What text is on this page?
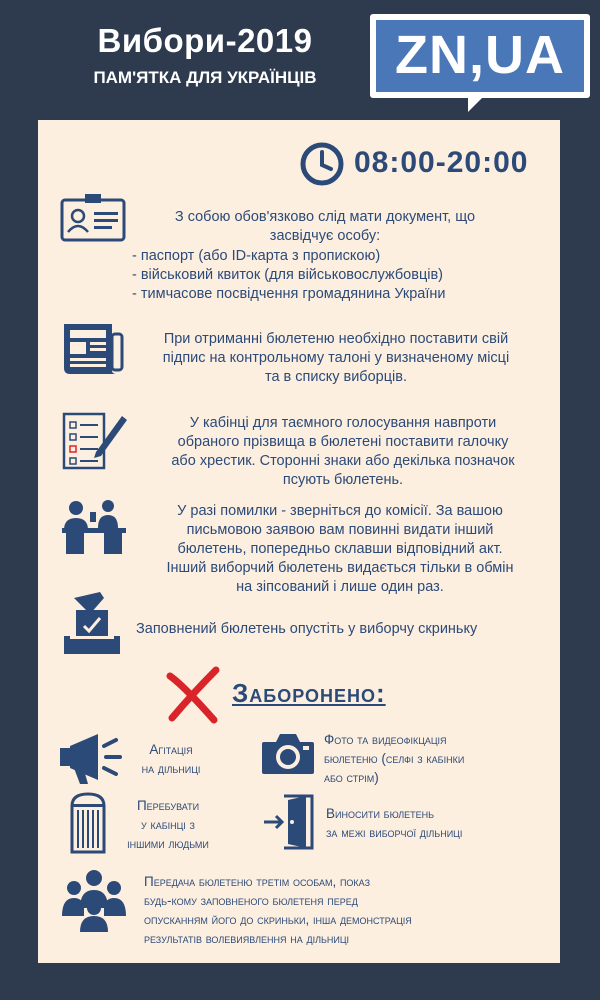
Вибори-2019
ПАМ'ЯТКА ДЛЯ УКРАЇНЦІВ	ZN,UA
08:00-20:00
З собою обов'язково слід мати документ, що
засвідчує особу:
- паспорт (або ID-карта з пропискою)
- військовий квиток (для військовослужбовців)
- тимчасове посвідчення громадянина України
При отриманні бюлетеню необхідно поставити свій
підпис на контрольному талоні у визначеному місці
та в списку виборців.
У кабінці для таємного голосування навпроти
обраного прізвища в бюлетені поставити галочку
або хрестик. Сторонні знаки або декілька позначок
псують бюлетень.
У разі помилки - зверніться до комісії. За вашою
письмовою заявою вам повинні видати інший
бюлетень, попередньо склавши відповідний акт.
Інший виборчий бюлетень видається тільки в обмін
на зіпсований і лише один раз.
Заповнений бюлетень опустіть у виборчу скриньку
Заборонено:
Агітація
на дільниці
Фото та видеофікцація
бюлетеню (селфі з кабінки
або стрім)
Перебувати
у кабінці з
іншими людьми
Виносити бюлетень
за межі виборчої дільниці
Передача бюлетеню третім особам, показ
будь-кому заповненого бюлетеня перед
опусканням його до скриньки, інша демонстрація
результатів волевиявлення на дільниці
